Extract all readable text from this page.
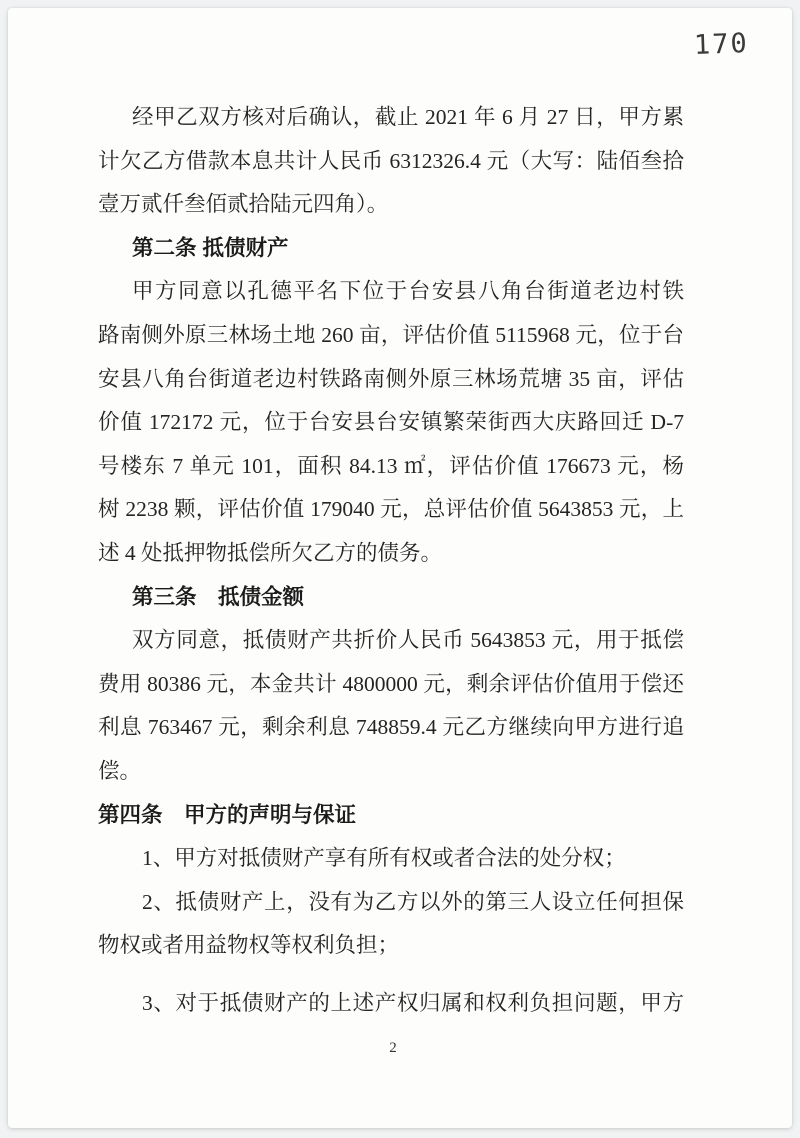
170
经甲乙双方核对后确认，截止 2021 年 6 月 27 日，甲方累
计欠乙方借款本息共计人民币 6312326.4 元（大写：陆佰叁拾
壹万贰仟叁佰贰拾陆元四角）。
第二条 抵债财产
甲方同意以孔德平名下位于台安县八角台街道老边村铁
路南侧外原三林场土地 260 亩，评估价值 5115968 元，位于台
安县八角台街道老边村铁路南侧外原三林场荒塘 35 亩，评估
价值 172172 元，位于台安县台安镇繁荣街西大庆路回迁 D-7
号楼东 7 单元 101，面积 84.13 ㎡，评估价值 176673 元，杨
树 2238 颗，评估价值 179040 元，总评估价值 5643853 元，上
述 4 处抵押物抵偿所欠乙方的债务。
第三条　抵债金额
双方同意，抵债财产共折价人民币 5643853 元，用于抵偿
费用 80386 元，本金共计 4800000 元，剩余评估价值用于偿还
利息 763467 元，剩余利息 748859.4 元乙方继续向甲方进行追
偿。
第四条　甲方的声明与保证
1、甲方对抵债财产享有所有权或者合法的处分权；
2、抵债财产上，没有为乙方以外的第三人设立任何担保
物权或者用益物权等权利负担；
3、对于抵债财产的上述产权归属和权利负担问题，甲方
2
